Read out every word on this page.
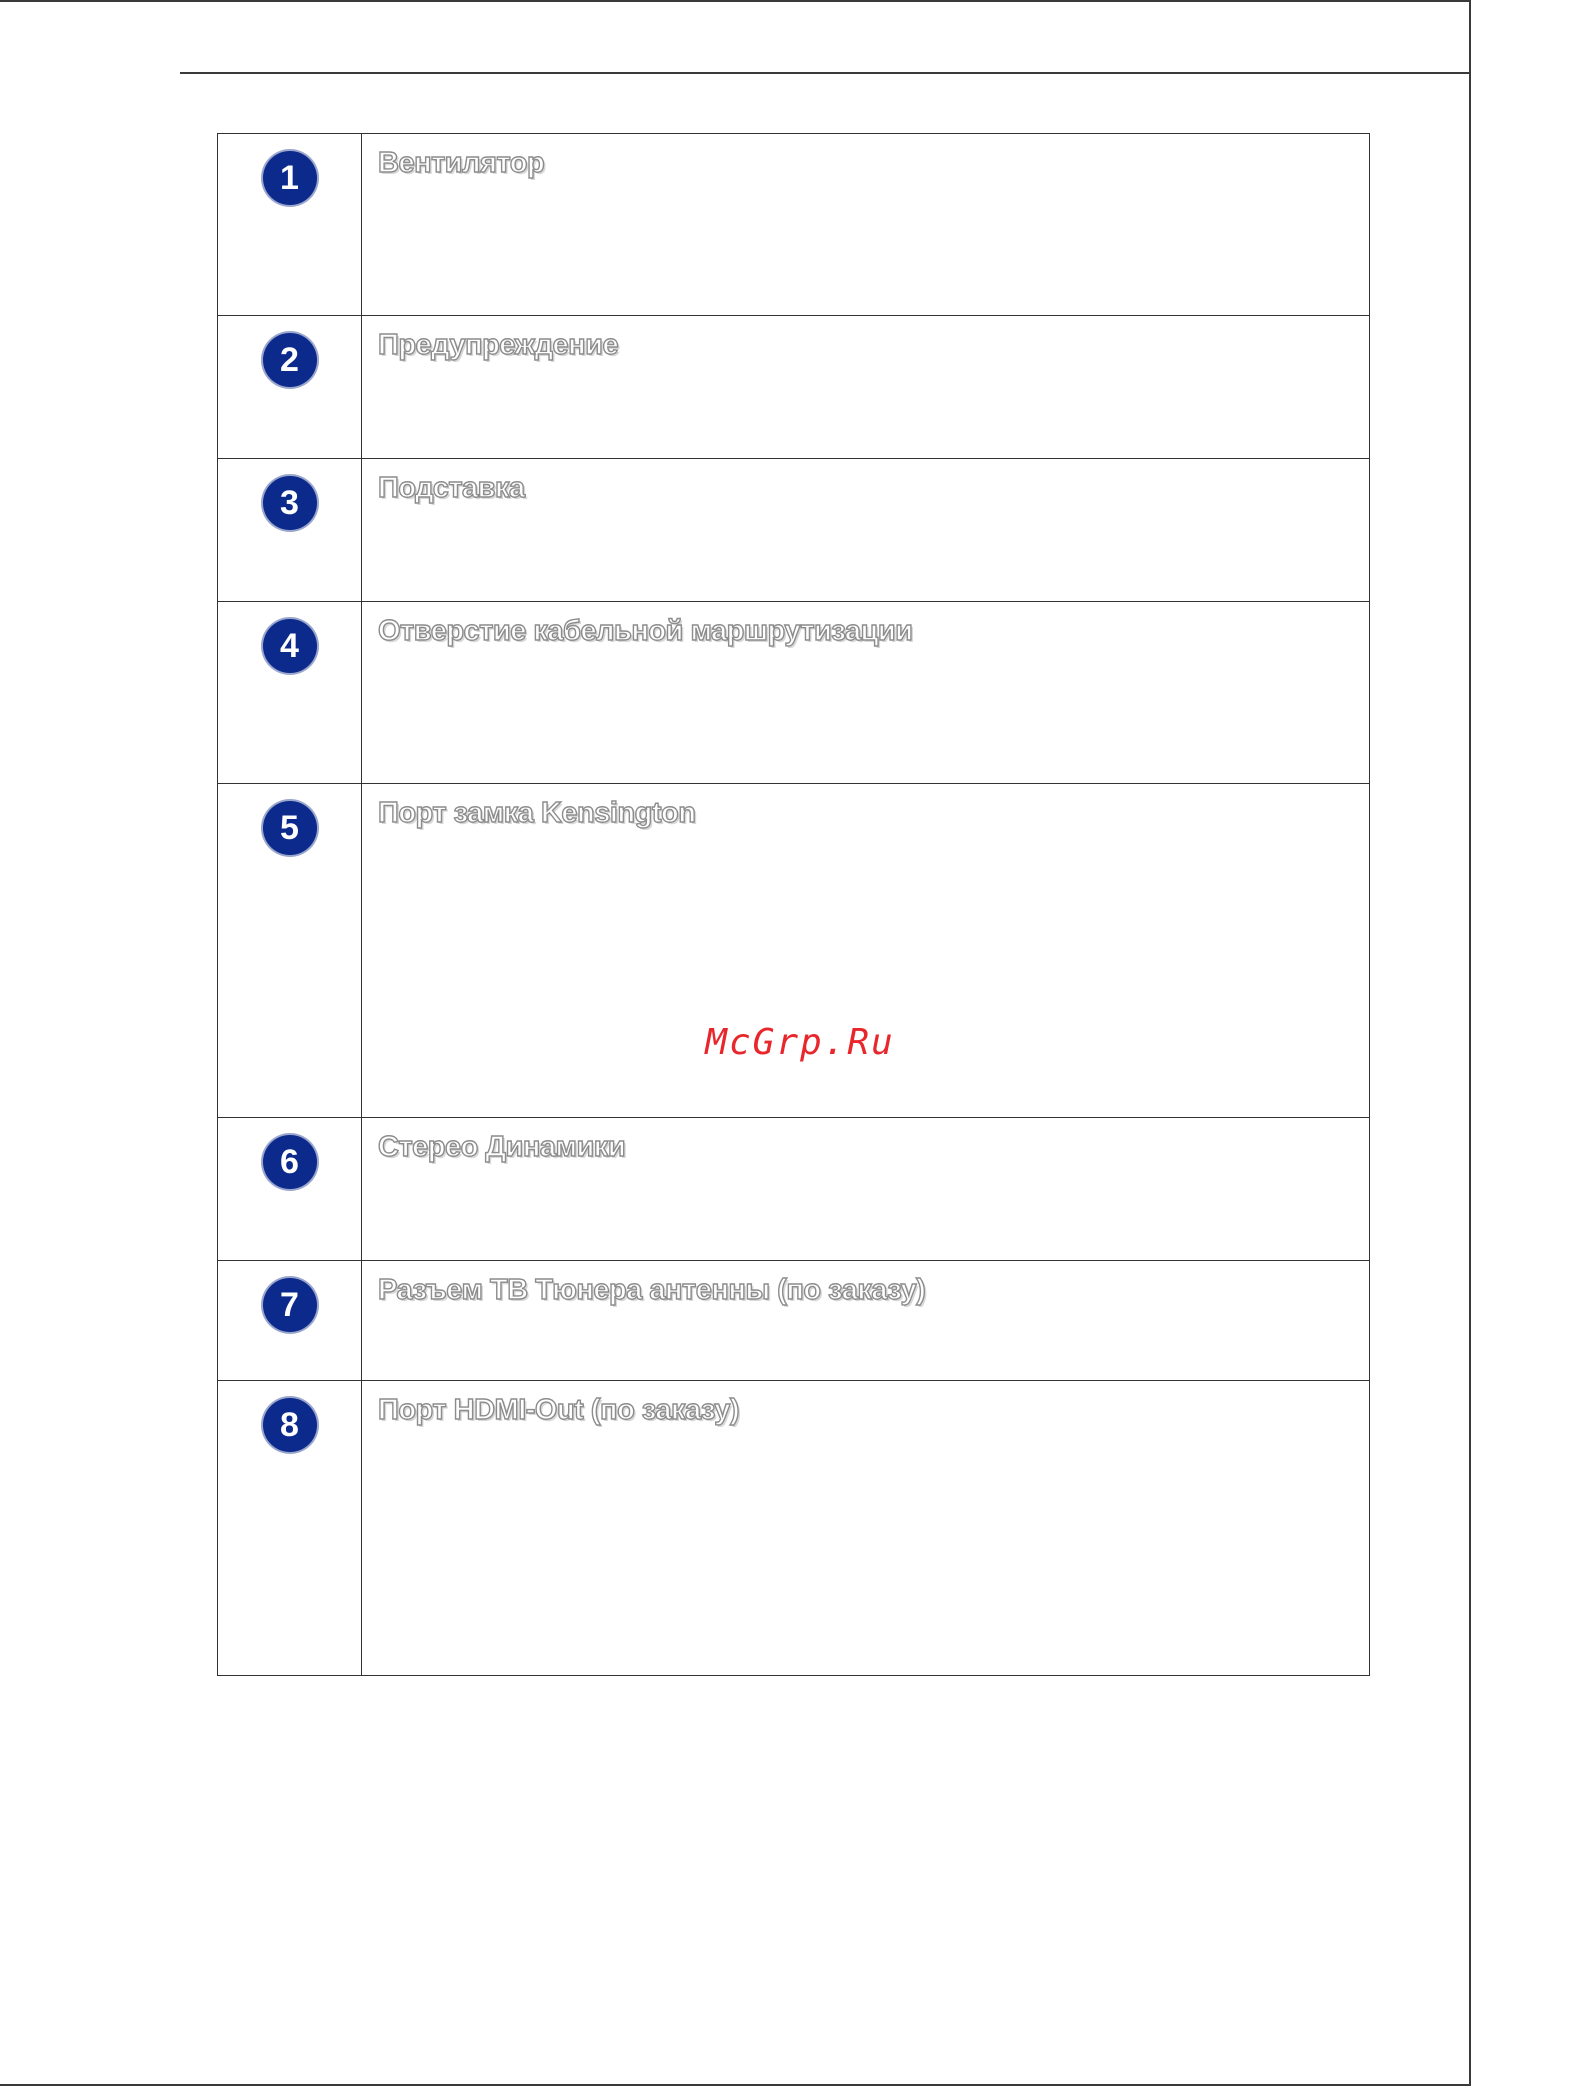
1	Вентилятор

2	Предупреждение

3	Подставка

4	Отверстие кабельной маршрутизации

5	Порт замка Kensington

6	Стерео Динамики

7	Разъем ТВ Тюнера антенны (по заказу)

8	Порт HDMI-Out (по заказу)
McGrp.Ru
